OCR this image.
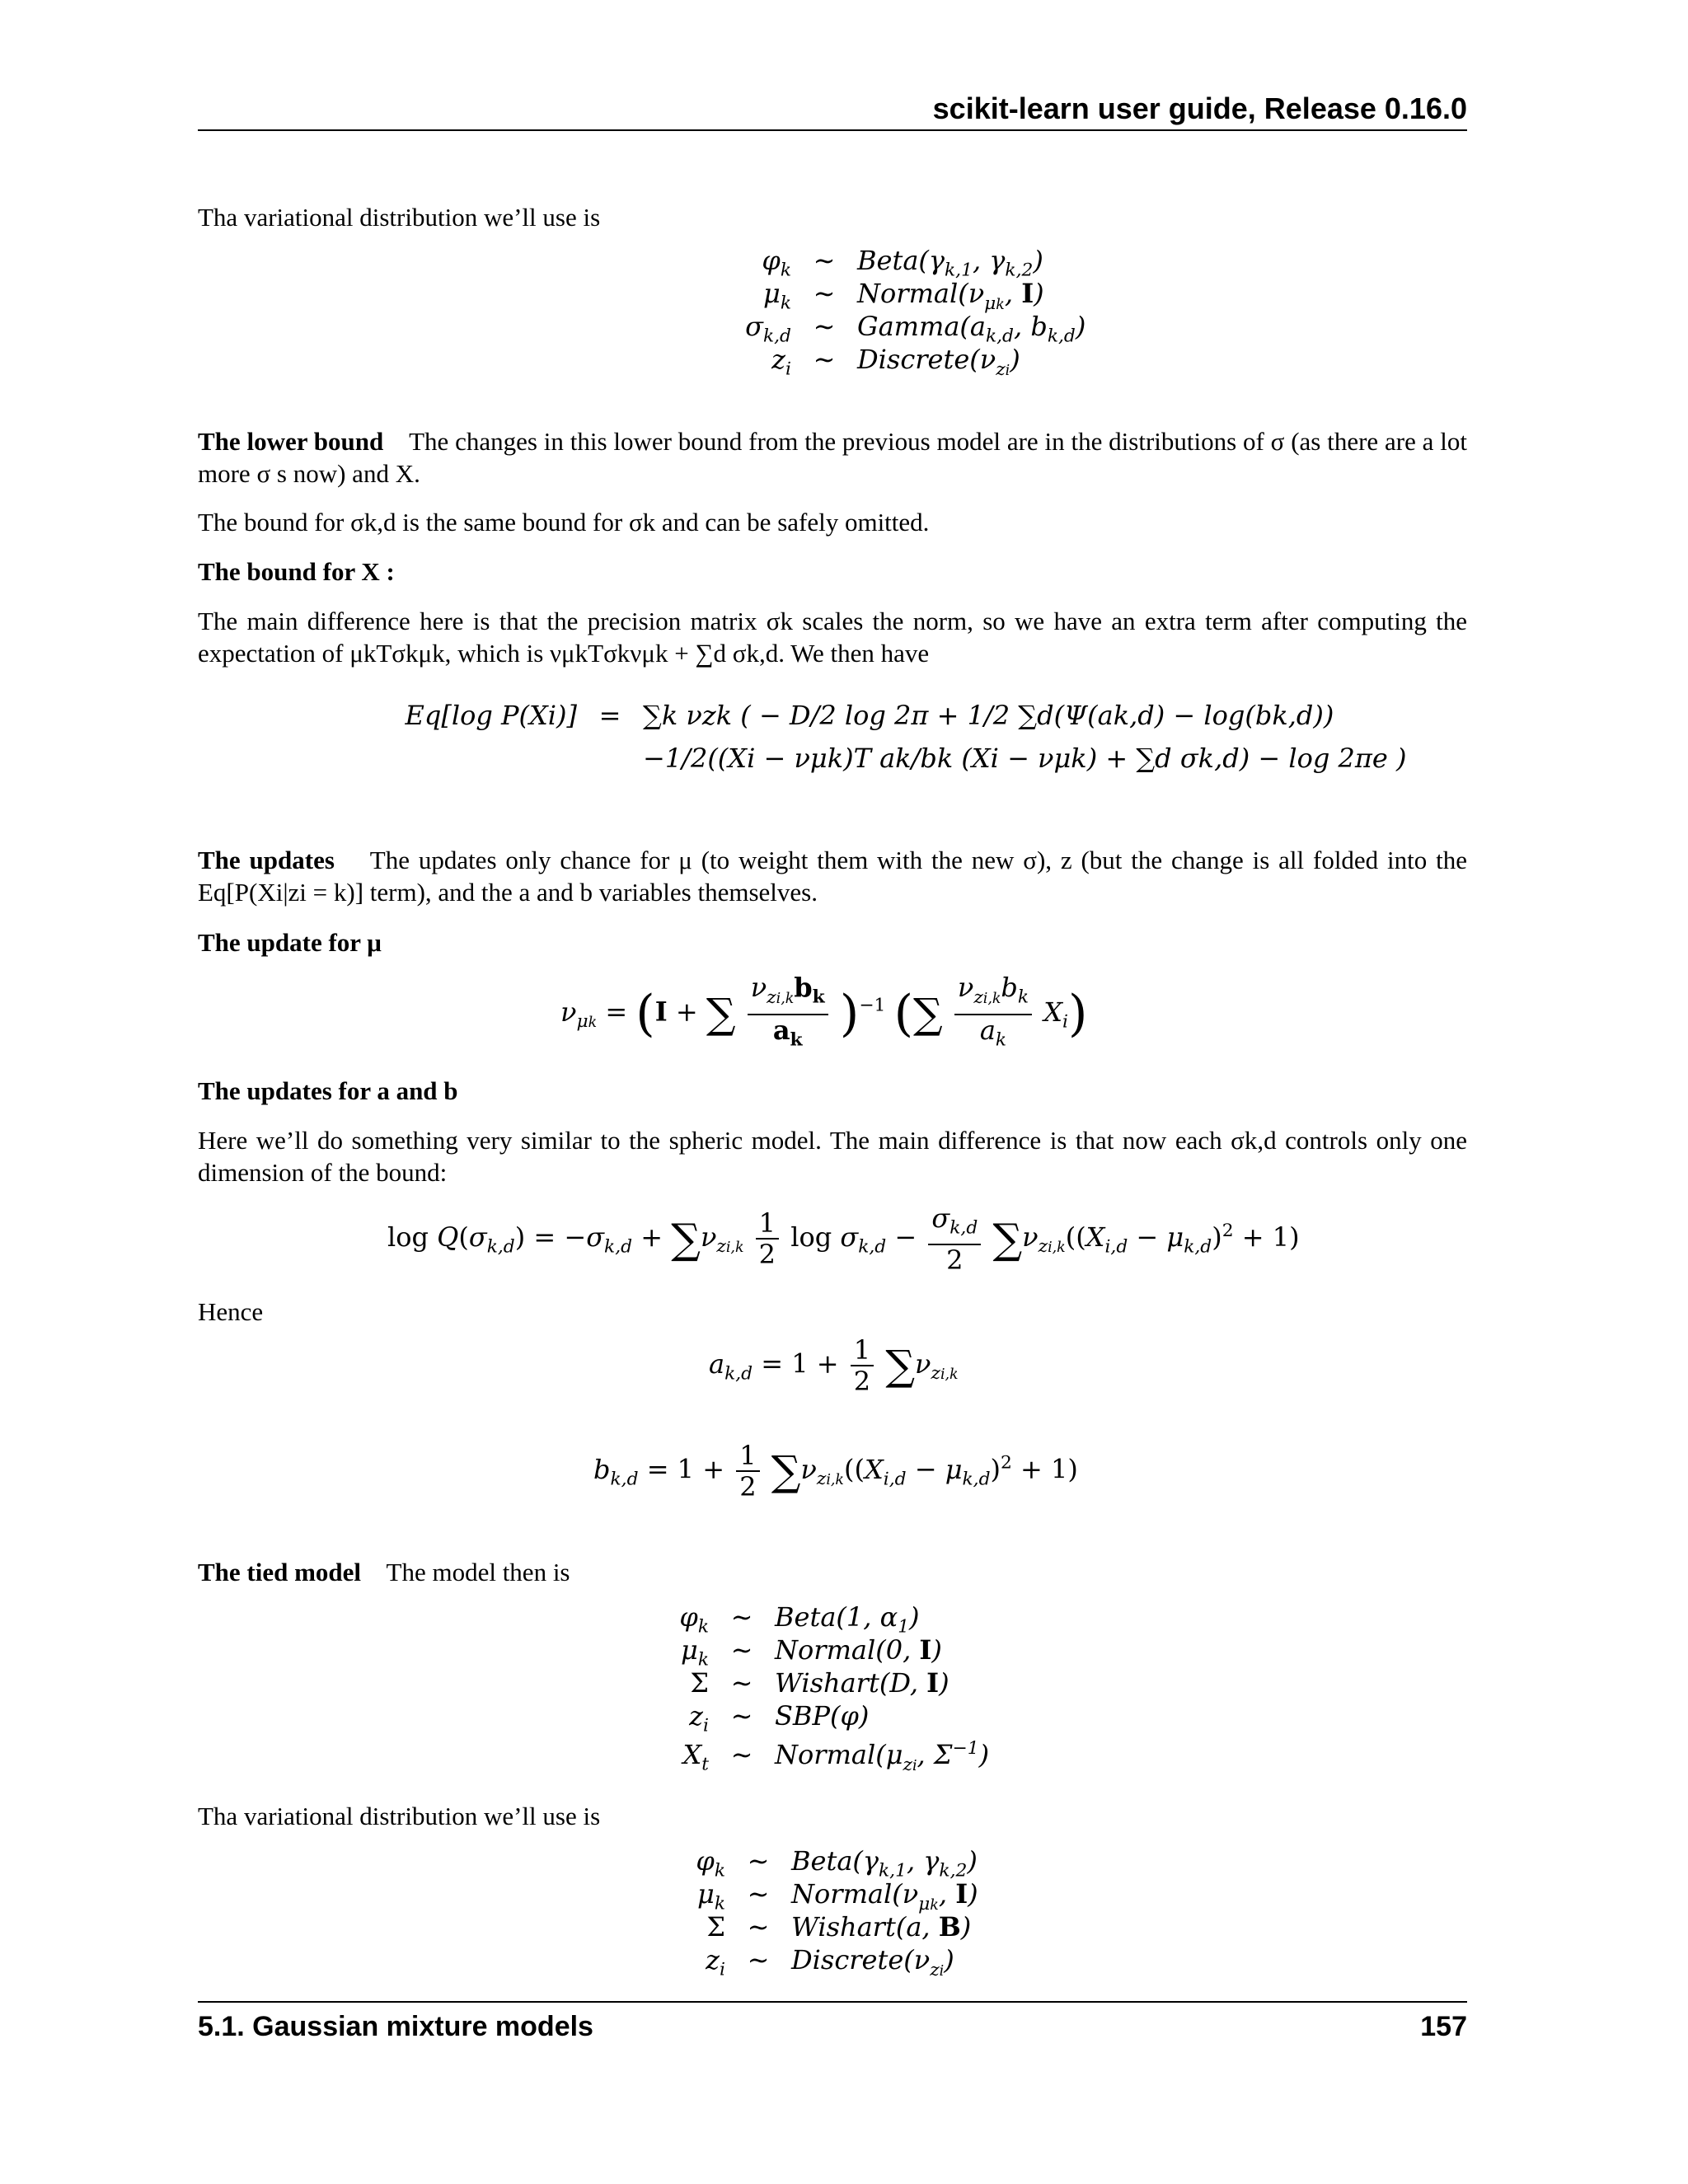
scikit-learn user guide, Release 0.16.0
Tha variational distribution we’ll use is
$\varphi_k$ ∼ $Beta(\gamma_{k,1}$, $\gamma_{k,2}$)
$\mu_k$ ∼ $Normal(\nu_{\mu k}$, I)
$\sigma_{k,d}$ ∼ $Gamma(a_{k,d}$, $b_{k,d}$)
$z_i$ ∼ $Discrete(\nu_{zi})$
The lower bound The changes in this lower bound from the previous model are in the distributions of σ (as there are a lot more σ s now) and X.
The bound for σk,d is the same bound for σk and can be safely omitted.
The bound for X :
The main difference here is that the precision matrix σk scales the norm, so we have an extra term after computing the expectation of μkTσkμk, which is νμkTσkνμk + ∑d σk,d. We then have
Eq[log P(Xi)] = ∑k νzk ( − D/2 log 2π + 1/2 ∑d(Ψ(ak,d) − log(bk,d))
−1/2((Xi − νμk)T ak/bk (Xi − νμk) + ∑d σk,d) − log 2πe )
The updates The updates only chance for μ (to weight them with the new σ), z (but the change is all folded into the Eq[P(Xi|zi = k)] term), and the a and b variables themselves.
The update for μ
$\nu_{\mu k} = (I$ + ∑ $\frac{\nu_{zi,k}b_k}{a_k} )^{-1}$ (∑ $\frac{\nu_{zi,k}b_k}{a_k} X_i$)
The updates for a and b
Here we’ll do something very similar to the spheric model. The main difference is that now each σk,d controls only one dimension of the bound:
$\log Q(\sigma_{k,d}) = -\sigma_{k,d} + \sum\nu_{zi,k} \frac{1}{2}$ $\log \sigma_{k,d} - \frac{\sigma_{k,d}}{2} \sum\nu_{zi,k}((X_{i,d} - \mu_{k,d})^2 + 1)$
Hence
$a_{k,d} = 1 + \frac{1}{2} \sum\nu_{zi,k}$
$b_{k,d} = 1 + \frac{1}{2} \sum\nu_{zi,k}((X_{i,d} - \mu_{k,d})^2 + 1)$
The tied model The model then is
$\varphi_k$ ∼ Beta(1, $\alpha_1$)
$\mu_k$ ∼ Normal(0, I)
Σ ∼ Wishart(D, I)
$z_i$ ∼ SBP(φ)
$X_t$ ∼ $Normal(\mu_{zi}$, $\Sigma^{-1}$)
Tha variational distribution we’ll use is
$\varphi_k$ ∼ $Beta(\gamma_{k,1}$, $\gamma_{k,2}$)
$\mu_k$ ∼ $Normal(\nu_{\mu k}$, I)
Σ ∼ Wishart(a, B)
$z_i$ ∼ $Discrete(\nu_{zi})$
5.1. Gaussian mixture models	157
